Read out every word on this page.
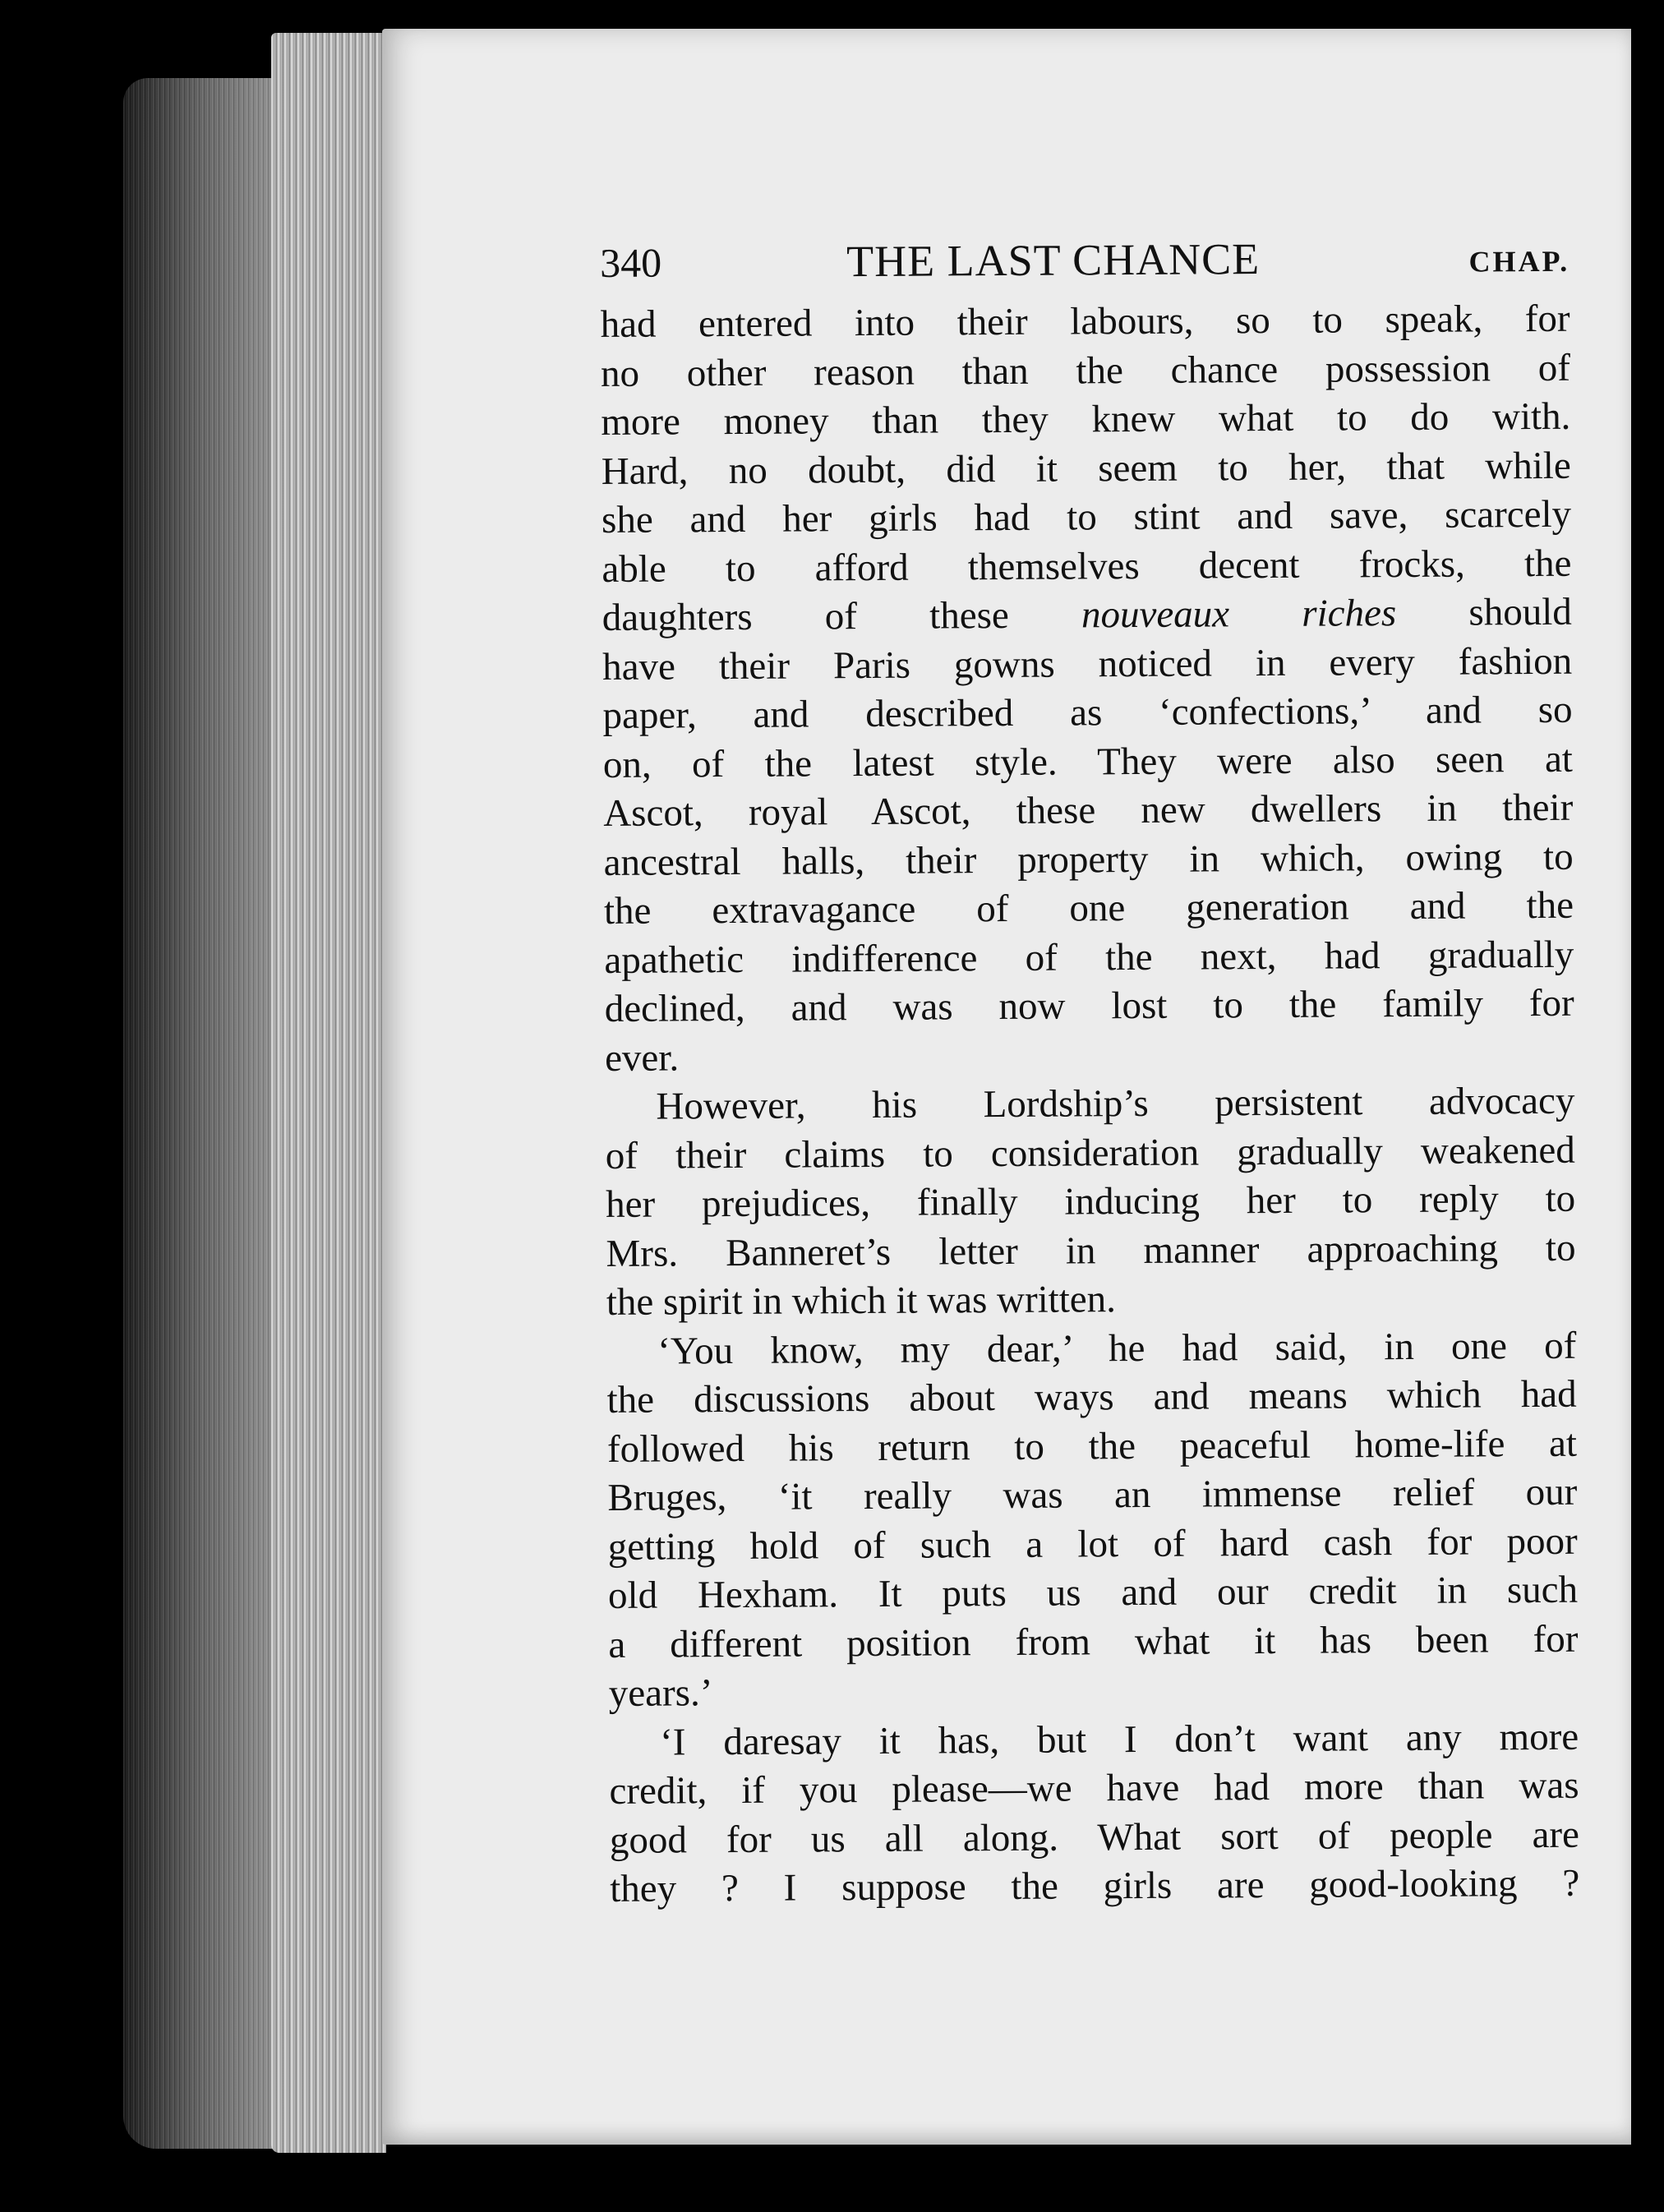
340	THE LAST CHANCE	CHAP.
had entered into their labours, so to speak, for
no other reason than the chance possession of
more money than they knew what to do with.
Hard, no doubt, did it seem to her, that while
she and her girls had to stint and save, scarcely
able to afford themselves decent frocks, the
daughters of these nouveaux riches should
have their Paris gowns noticed in every fashion
paper, and described as ‘confections,’ and so
on, of the latest style. They were also seen at
Ascot, royal Ascot, these new dwellers in their
ancestral halls, their property in which, owing to
the extravagance of one generation and the
apathetic indifference of the next, had gradually
declined, and was now lost to the family for
ever.
However, his Lordship’s persistent advocacy
of their claims to consideration gradually weakened
her prejudices, finally inducing her to reply to
Mrs. Banneret’s letter in manner approaching to
the spirit in which it was written.
‘You know, my dear,’ he had said, in one of
the discussions about ways and means which had
followed his return to the peaceful home-life at
Bruges, ‘it really was an immense relief our
getting hold of such a lot of hard cash for poor
old Hexham. It puts us and our credit in such
a different position from what it has been for
years.’
‘I daresay it has, but I don’t want any more
credit, if you please—we have had more than was
good for us all along. What sort of people are
they ? I suppose the girls are good-looking ?
